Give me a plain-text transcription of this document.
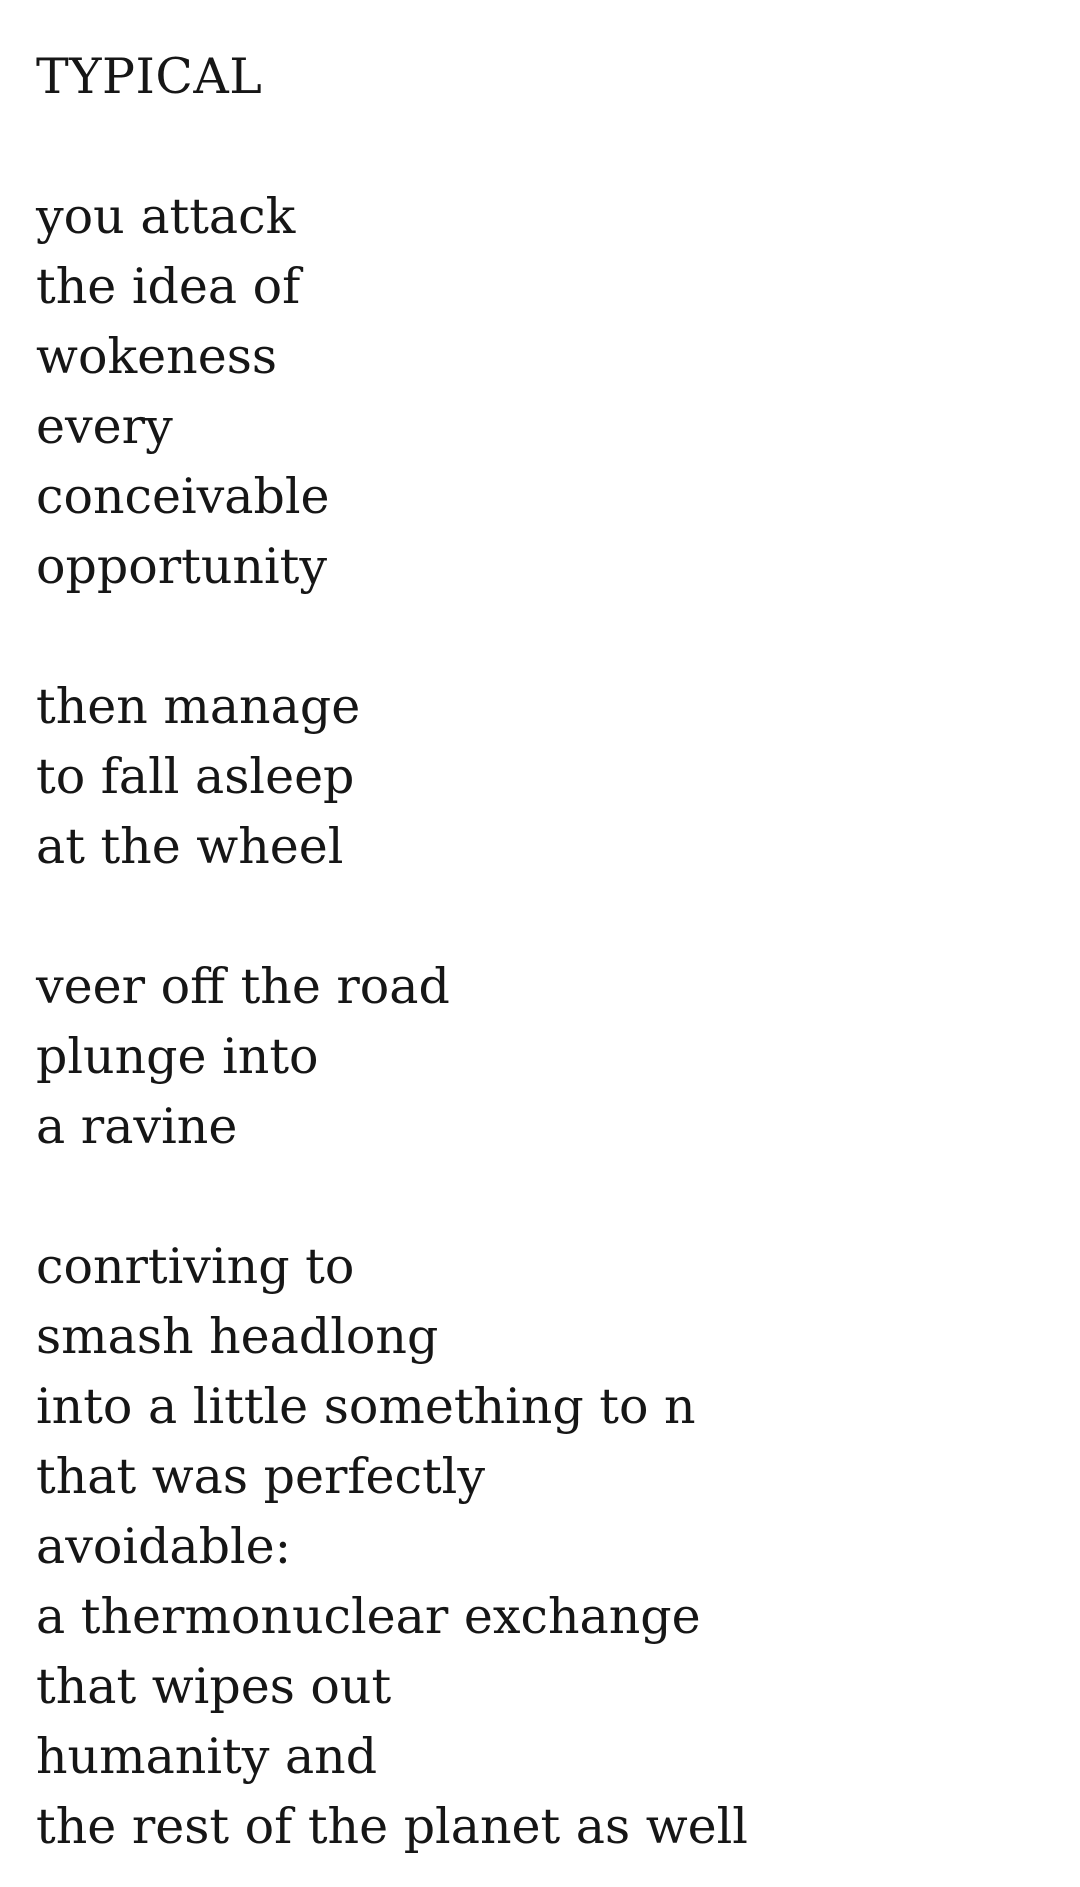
TYPICAL
you attack
the idea of
wokeness
every
conceivable
opportunity
then manage
to fall asleep
at the wheel
veer off the road
plunge into
a ravine
conrtiving to
smash headlong
into a little something to n
that was perfectly
avoidable:
a thermonuclear exchange
that wipes out
humanity and
the rest of the planet as well
